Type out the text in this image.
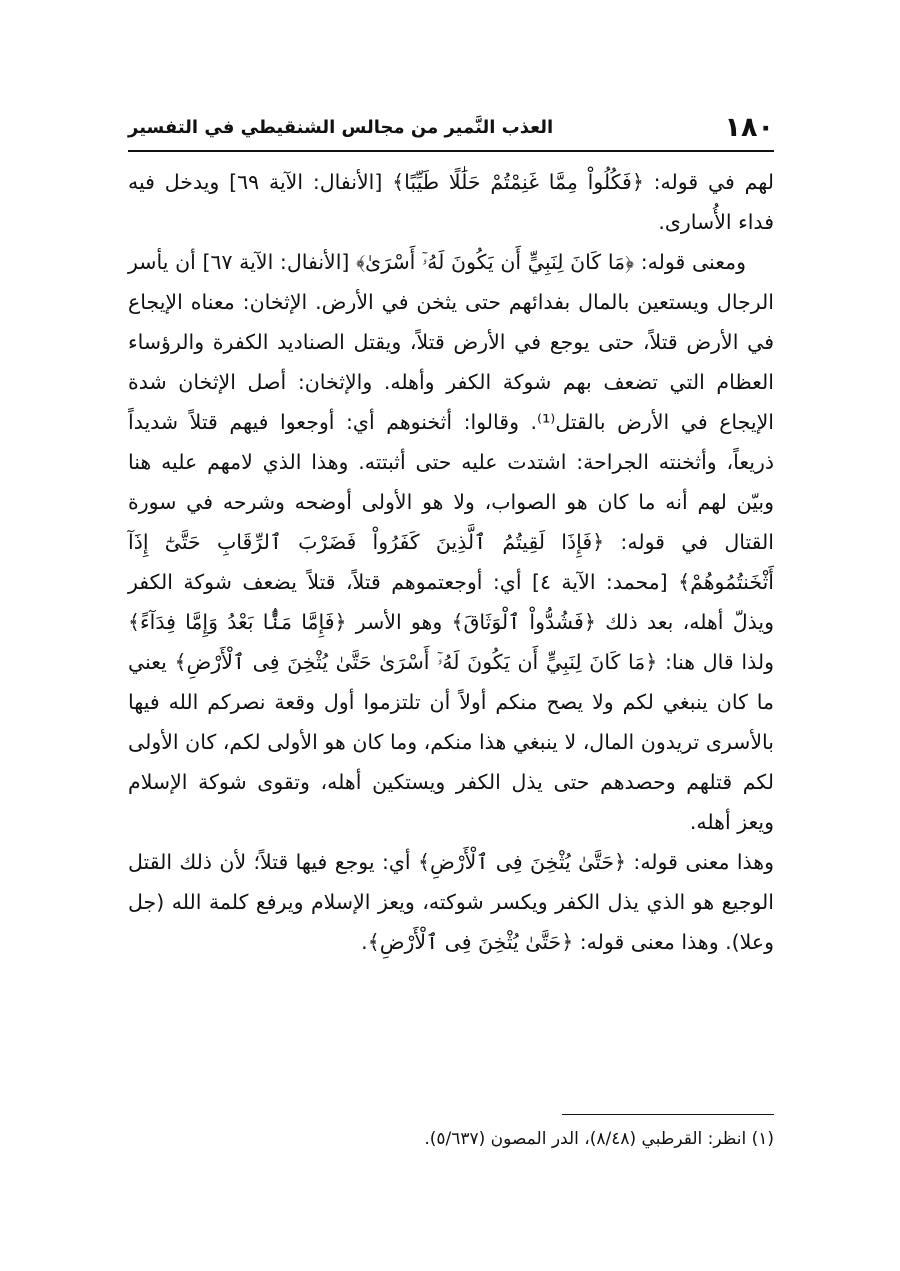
١٨٠
العذب النَّمير من مجالس الشنقيطي في التفسير

لهم في قوله: ﴿فَكُلُواْ مِمَّا غَنِمْتُمْ حَلَٰلًا طَيِّبًا﴾ [الأنفال: الآية ٦٩] ويدخل فيه فداء الأُسارى.

ومعنى قوله: ﴿مَا كَانَ لِنَبِيٍّ أَن يَكُونَ لَهُۥٓ أَسْرَىٰ﴾ [الأنفال: الآية ٦٧] أن يأسر الرجال ويستعين بالمال بفدائهم حتى يثخن في الأرض. الإثخان: معناه الإيجاع في الأرض قتلاً، حتى يوجع في الأرض قتلاً، ويقتل الصناديد الكفرة والرؤساء العظام التي تضعف بهم شوكة الكفر وأهله. والإثخان: أصل الإثخان شدة الإيجاع في الأرض بالقتل⁽¹⁾. وقالوا: أثخنوهم أي: أوجعوا فيهم قتلاً شديداً ذريعاً، وأثخنته الجراحة: اشتدت عليه حتى أثبتته. وهذا الذي لامهم عليه هنا وبيّن لهم أنه ما كان هو الصواب، ولا هو الأولى أوضحه وشرحه في سورة القتال في قوله: ﴿فَإِذَا لَقِيتُمُ ٱلَّذِينَ كَفَرُواْ فَضَرْبَ ٱلرِّقَابِ حَتَّىٰٓ إِذَآ أَثْخَنتُمُوهُمْ﴾ [محمد: الآية ٤] أي: أوجعتموهم قتلاً، قتلاً يضعف شوكة الكفر ويذلّ أهله، بعد ذلك ﴿فَشُدُّواْ ٱلْوَثَاقَ﴾ وهو الأسر ﴿فَإِمَّا مَنًّۢا بَعْدُ وَإِمَّا فِدَآءً﴾ ولذا قال هنا: ﴿مَا كَانَ لِنَبِيٍّ أَن يَكُونَ لَهُۥٓ أَسْرَىٰ حَتَّىٰ يُثْخِنَ فِى ٱلْأَرْضِ﴾ يعني ما كان ينبغي لكم ولا يصح منكم أولاً أن تلتزموا أول وقعة نصركم الله فيها بالأسرى تريدون المال، لا ينبغي هذا منكم، وما كان هو الأولى لكم، كان الأولى لكم قتلهم وحصدهم حتى يذل الكفر ويستكين أهله، وتقوى شوكة الإسلام ويعز أهله.

وهذا معنى قوله: ﴿حَتَّىٰ يُثْخِنَ فِى ٱلْأَرْضِ﴾ أي: يوجع فيها قتلاً؛ لأن ذلك القتل الوجيع هو الذي يذل الكفر ويكسر شوكته، ويعز الإسلام ويرفع كلمة الله (جل وعلا). وهذا معنى قوله: ﴿حَتَّىٰ يُثْخِنَ فِى ٱلْأَرْضِ﴾.

(١) انظر: القرطبي (٨/٤٨)، الدر المصون (٥/٦٣٧).
